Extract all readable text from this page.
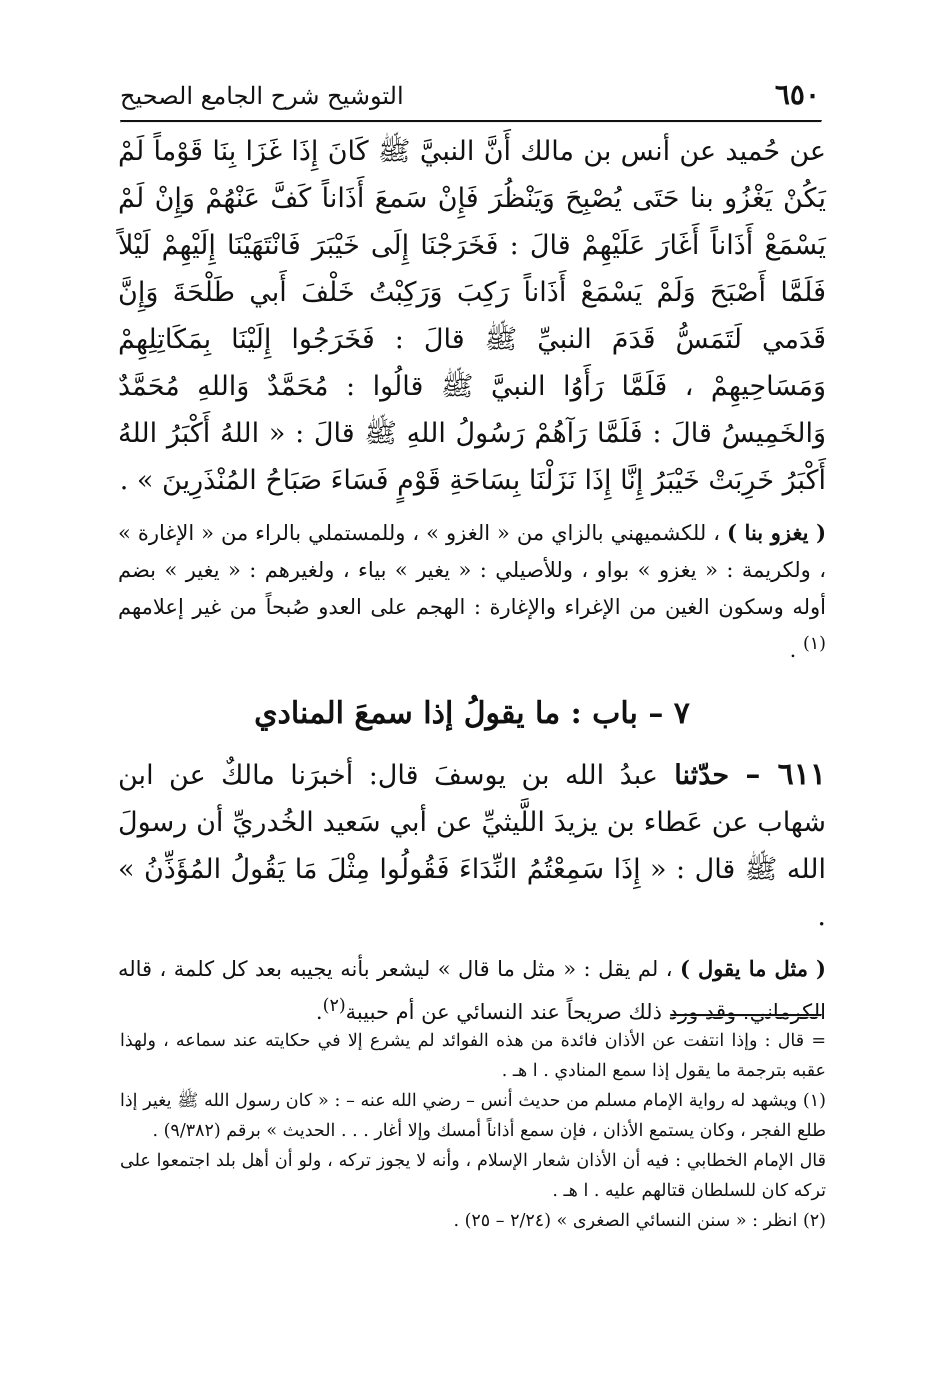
٦٥٠
التوشيح شرح الجامع الصحيح

عن حُميد عن أنس بن مالك أَنَّ النبيَّ ﷺ كَانَ إِذَا غَزَا بِنَا قَوْماً لَمْ يَكُنْ يَغْزُو بنا حَتَى يُصْبِحَ وَيَنْظُرَ فَإِنْ سَمعَ أَذَاناً كَفَّ عَنْهُمْ وَإِنْ لَمْ يَسْمَعْ أَذَاناً أَغَارَ عَلَيْهِمْ قالَ : فَخَرَجْنَا إِلَى خَيْبَرَ فَانْتَهَيْنَا إِلَيْهِمْ لَيْلاً فَلَمَّا أَصْبَحَ وَلَمْ يَسْمَعْ أَذَاناً رَكِبَ وَرَكِبْتُ خَلْفَ أَبي طَلْحَةَ وَإِنَّ قَدَمي لَتَمَسُّ قَدَمَ النبيِّ ﷺ قالَ : فَخَرَجُوا إِلَيْنَا بِمَكَاتِلِهِمْ وَمَسَاحِيهِمْ ، فَلَمَّا رَأَوُا النبيَّ ﷺ قالُوا : مُحَمَّدٌ وَاللهِ مُحَمَّدٌ وَالخَمِيسُ قالَ : فَلَمَّا رَآهُمْ رَسُولُ اللهِ ﷺ قالَ : « اللهُ أَكْبَرُ اللهُ أَكْبَرُ خَرِبَتْ خَيْبَرُ إِنَّا إِذَا نَزَلْنَا بِسَاحَةِ قَوْمٍ فَسَاءَ صَبَاحُ المُنْذَرِينَ » .

( يغزو بنا ) ، للكشميهني بالزاي من « الغزو » ، وللمستملي بالراء من « الإغارة » ، ولكريمة : « يغزو » بواو ، وللأصيلي : « يغير » بياء ، ولغيرهم : « يغير » بضم أوله وسكون الغين من الإغراء والإغارة : الهجم على العدو صُبحاً من غير إعلامهم $^{(١)}$ .

٧ – باب : ما يقولُ إذا سمعَ المنادي

٦١١ – حدّثنا عبدُ الله بن يوسفَ قال: أخبرَنا مالكٌ عن ابن شهاب عن عَطاء بن يزيدَ اللَّيثيِّ عن أبي سَعيد الخُدريِّ أن رسولَ الله ﷺ قال : « إِذَا سَمِعْتُمُ النِّدَاءَ فَقُولُوا مِثْلَ مَا يَقُولُ المُؤَذِّنُ » .

( مثل ما يقول ) ، لم يقل : « مثل ما قال » ليشعر بأنه يجيبه بعد كل كلمة ، قاله الكرماني، وقد ورد ذلك صريحاً عند النسائي عن أم حبيبة$^{(٢)}$.

= قال : وإذا انتفت عن الأذان فائدة من هذه الفوائد لم يشرع إلا في حكايته عند سماعه ، ولهذا عقبه بترجمة ما يقول إذا سمع المنادي . ا هـ .

(١) ويشهد له رواية الإمام مسلم من حديث أنس – رضي الله عنه – : « كان رسول الله ﷺ يغير إذا طلع الفجر ، وكان يستمع الأذان ، فإن سمع أذاناً أمسك وإلا أغار . . . الحديث » برقم (٩/٣٨٢) .

قال الإمام الخطابي : فيه أن الأذان شعار الإسلام ، وأنه لا يجوز تركه ، ولو أن أهل بلد اجتمعوا على تركه كان للسلطان قتالهم عليه . ا هـ .

(٢) انظر : « سنن النسائي الصغرى » (٢/٢٤ – ٢٥) .
